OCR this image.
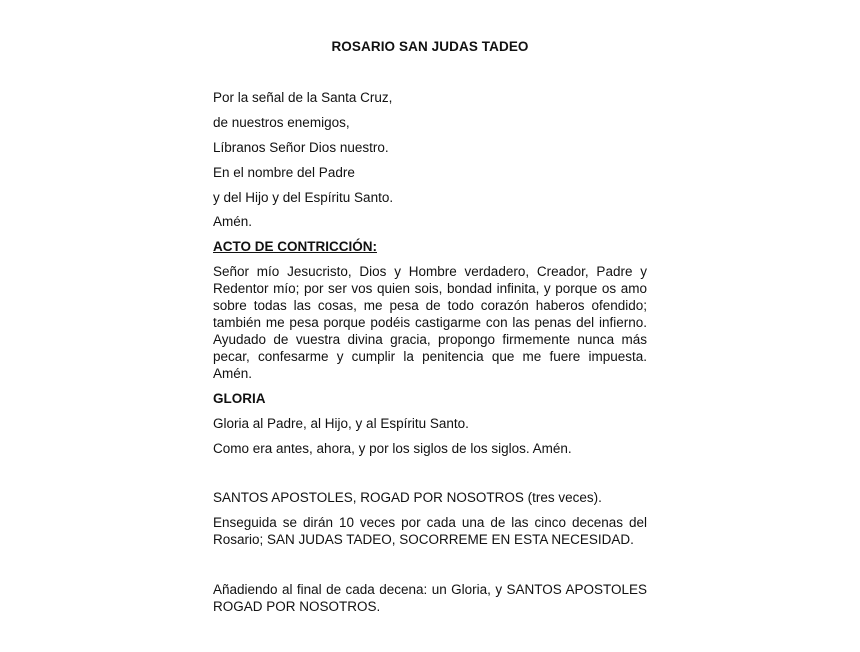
ROSARIO SAN JUDAS TADEO
Por la señal de la Santa Cruz,
de nuestros enemigos,
Líbranos Señor Dios nuestro.
En el nombre del Padre
y del Hijo y del Espíritu Santo.
Amén.
ACTO DE CONTRICCIÓN:
Señor mío Jesucristo, Dios y Hombre verdadero, Creador, Padre y Redentor mío; por ser vos quien sois, bondad infinita, y porque os amo sobre todas las cosas, me pesa de todo corazón haberos ofendido; también me pesa porque podéis castigarme con las penas del infierno. Ayudado de vuestra divina gracia, propongo firmemente nunca más pecar, confesarme y cumplir la penitencia que me fuere impuesta. Amén.
GLORIA
Gloria al Padre, al Hijo, y al Espíritu Santo.
Como era antes, ahora, y por los siglos de los siglos. Amén.
SANTOS APOSTOLES, ROGAD POR NOSOTROS (tres veces).
Enseguida se dirán 10 veces por cada una de las cinco decenas del Rosario; SAN JUDAS TADEO, SOCORREME EN ESTA NECESIDAD.
Añadiendo al final de cada decena: un Gloria, y SANTOS APOSTOLES ROGAD POR NOSOTROS.
